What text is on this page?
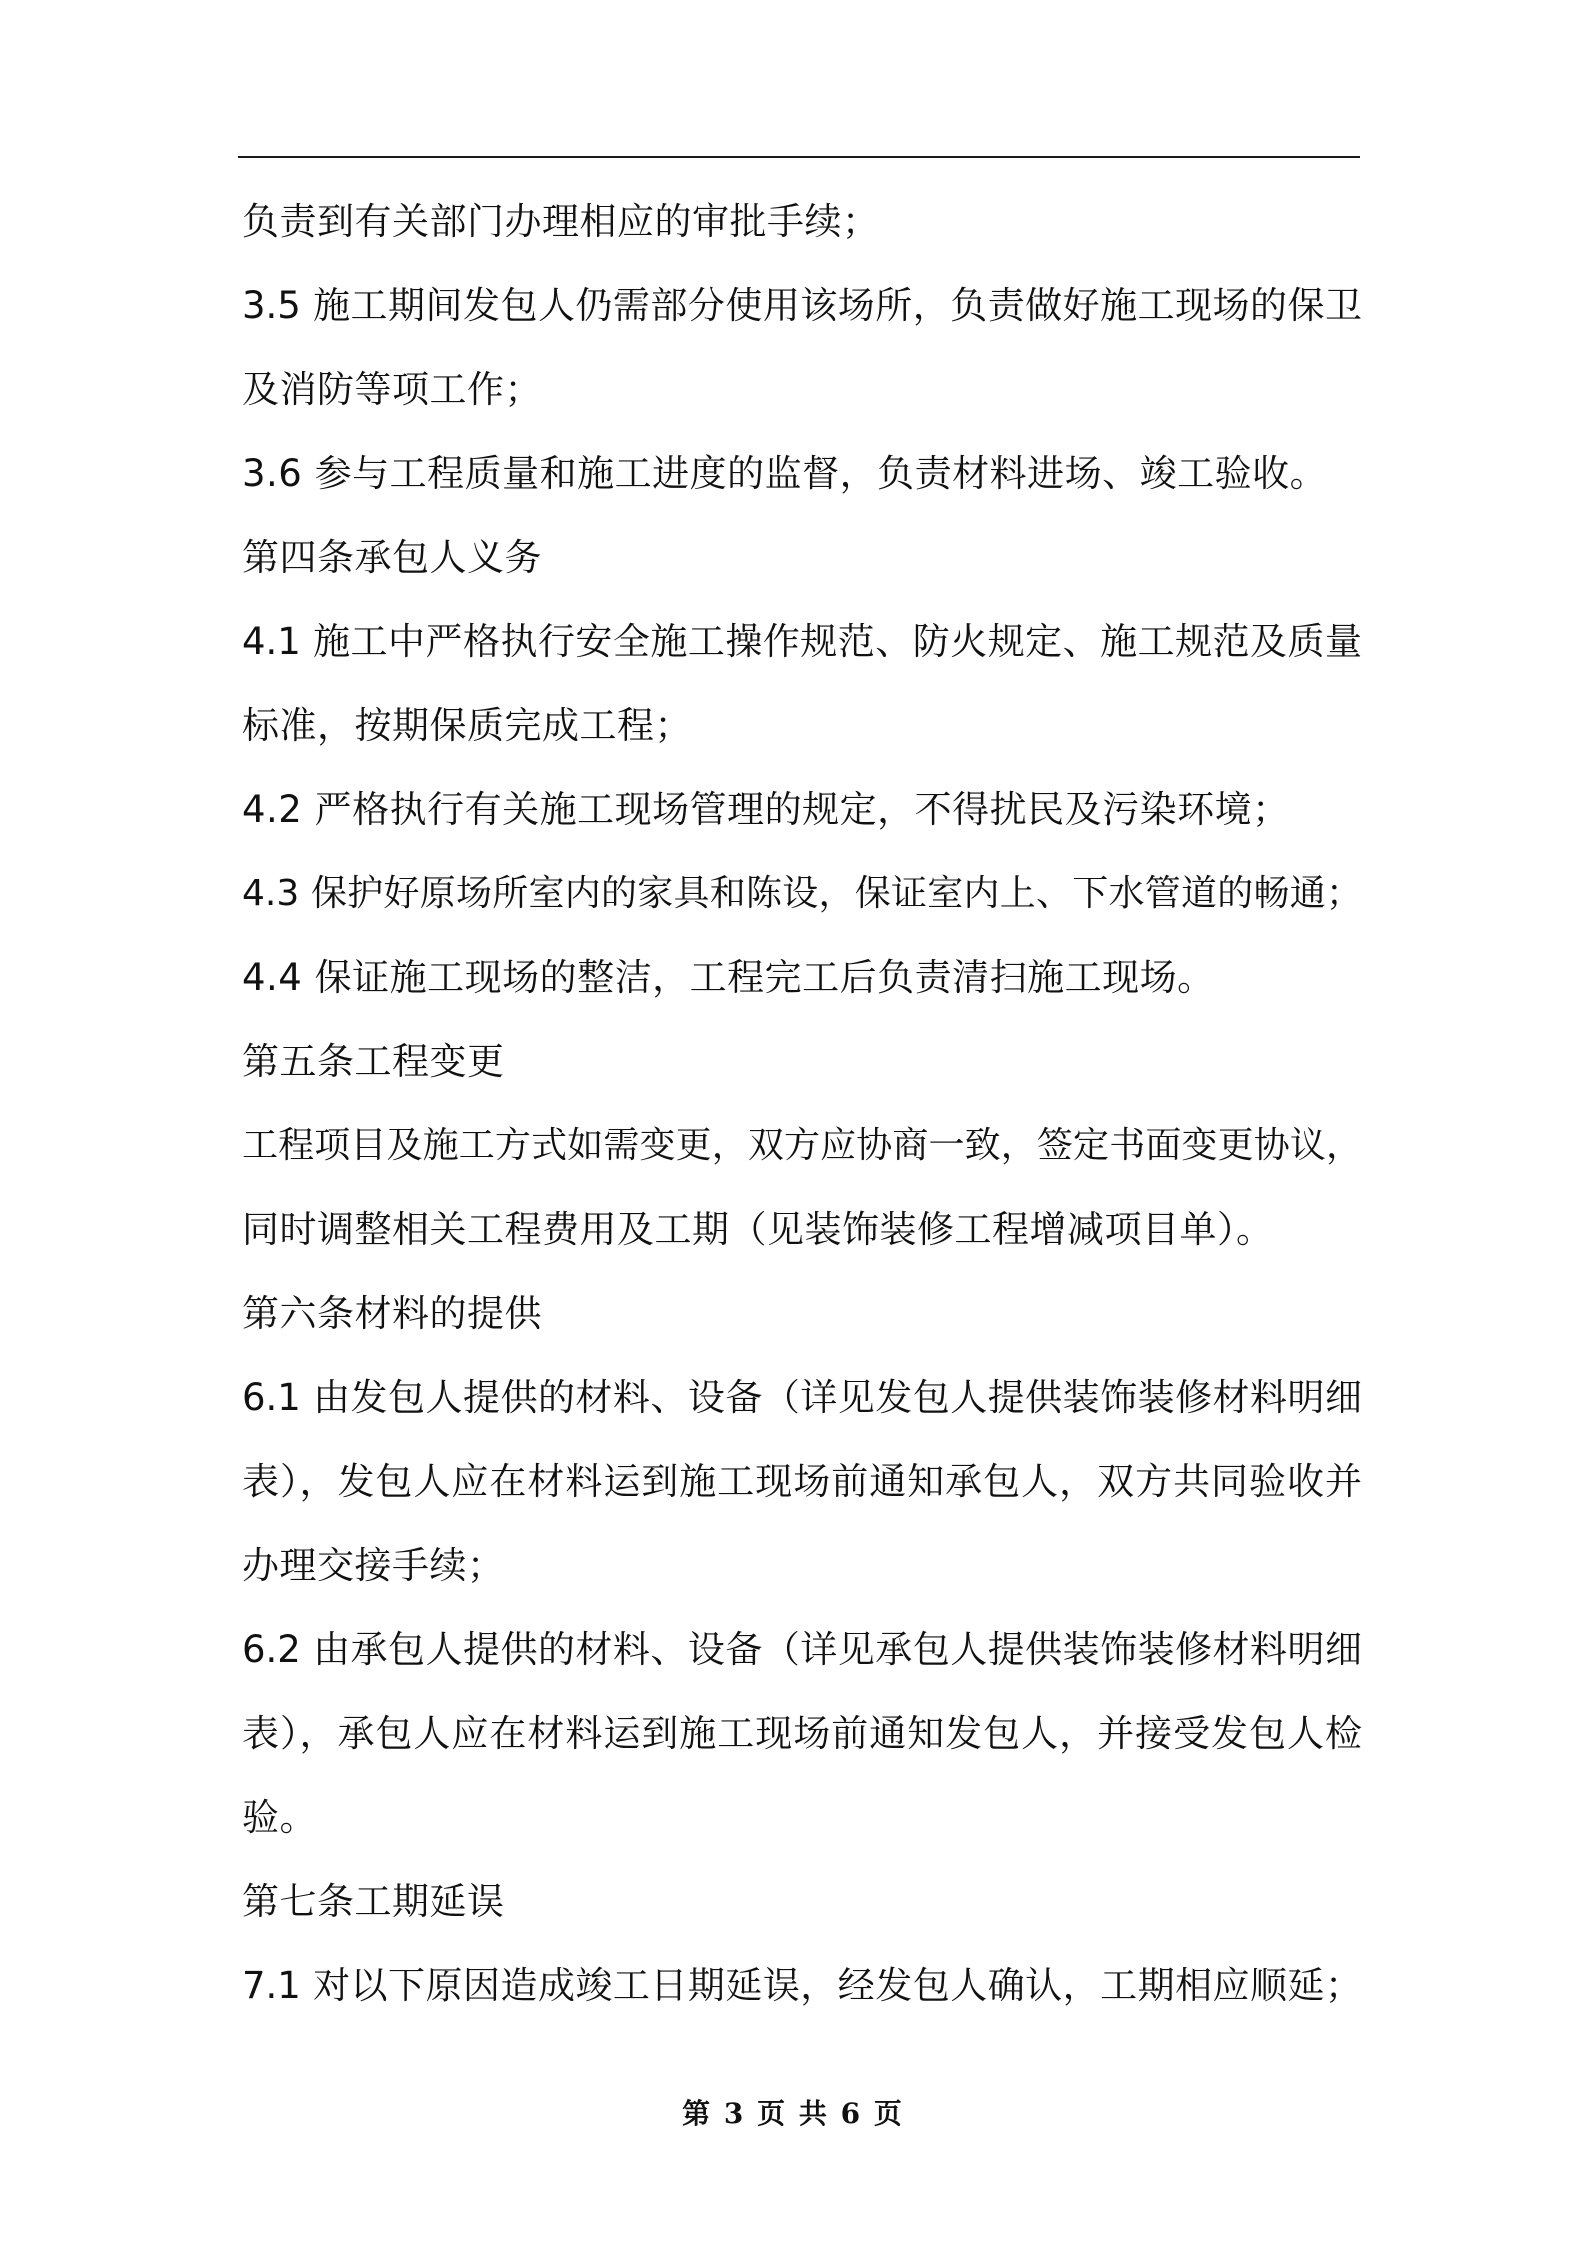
负责到有关部门办理相应的审批手续；
3.5 施工期间发包人仍需部分使用该场所，负责做好施工现场的保卫
及消防等项工作；
3.6 参与工程质量和施工进度的监督，负责材料进场、竣工验收。
第四条承包人义务
4.1 施工中严格执行安全施工操作规范、防火规定、施工规范及质量
标准，按期保质完成工程；
4.2 严格执行有关施工现场管理的规定，不得扰民及污染环境；
4.3 保护好原场所室内的家具和陈设，保证室内上、下水管道的畅通；
4.4 保证施工现场的整洁，工程完工后负责清扫施工现场。
第五条工程变更
工程项目及施工方式如需变更，双方应协商一致，签定书面变更协议，
同时调整相关工程费用及工期（见装饰装修工程增减项目单）。
第六条材料的提供
6.1 由发包人提供的材料、设备（详见发包人提供装饰装修材料明细
表），发包人应在材料运到施工现场前通知承包人，双方共同验收并
办理交接手续；
6.2 由承包人提供的材料、设备（详见承包人提供装饰装修材料明细
表），承包人应在材料运到施工现场前通知发包人，并接受发包人检
验。
第七条工期延误
7.1 对以下原因造成竣工日期延误，经发包人确认，工期相应顺延；
第 3 页 共 6 页
